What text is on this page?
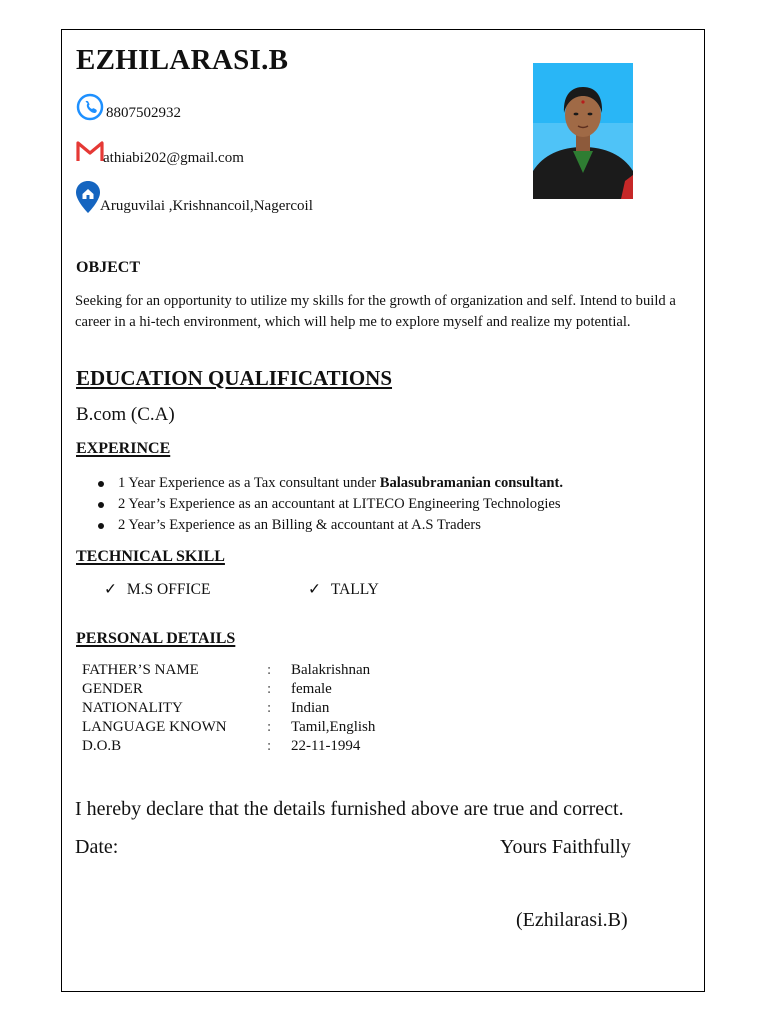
EZHILARASI.B
8807502932
athiabi202@gmail.com
Aruguvilai ,Krishnancoil,Nagercoil
OBJECT
Seeking for an opportunity to utilize my skills for the growth of organization and self. Intend to build a career in a hi-tech environment, which will help me to explore myself and realize my potential.
EDUCATION QUALIFICATIONS
B.com (C.A)
EXPERINCE
1 Year Experience as a Tax consultant under Balasubramanian consultant.
2 Year’s Experience as an accountant at LITECO Engineering Technologies
2 Year’s Experience as an Billing & accountant at A.S Traders
TECHNICAL SKILL
✓ M.S OFFICE	✓ TALLY
PERSONAL DETAILS
FATHER’S NAME	: Balakrishnan
GENDER	: female
NATIONALITY	: Indian
LANGUAGE KNOWN	: Tamil,English
D.O.B	: 22-11-1994
I hereby declare that the details furnished above are true and correct.
Date:	Yours Faithfully
(Ezhilarasi.B)
